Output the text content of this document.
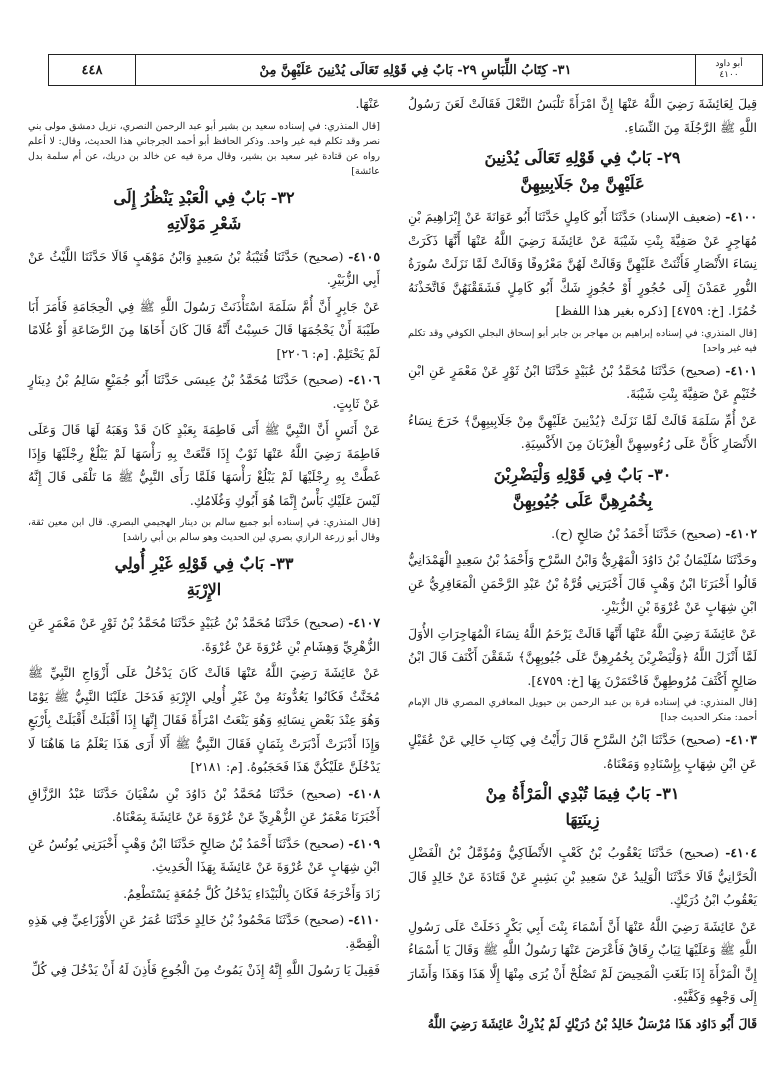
أبو داود
٤١٠٠
٣١- كِتَابُ اللِّبَاسِ ٢٩- بَابٌ فِي قَوْلِهِ تَعَالَى يُدْنِينَ عَلَيْهِنَّ مِنْ
٤٤٨

قِيلَ لِعَائِشَةَ رَضِيَ اللَّهُ عَنْهَا إِنَّ امْرَأَةً تَلْبَسُ النَّعْلَ فَقَالَتْ لَعَنَ رَسُولُ اللَّهِ ﷺ الرَّجُلَةَ مِنَ النِّسَاءِ.

٢٩- بَابٌ فِي قَوْلِهِ تَعَالَى يُدْنِينَ
عَلَيْهِنَّ مِنْ جَلَابِيبِهِنَّ

٤١٠٠- (ضعيف الإسناد) حَدَّثَنَا أَبُو كَامِلٍ حَدَّثَنَا أَبُو عَوَانَةَ عَنْ إِبْرَاهِيمَ بْنِ مُهَاجِرٍ عَنْ صَفِيَّةَ بِنْتِ شَيْبَةَ عَنْ عَائِشَةَ رَضِيَ اللَّهُ عَنْهَا أَنَّهَا ذَكَرَتْ نِسَاءَ الأَنْصَارِ فَأَثْنَتْ عَلَيْهِنَّ وَقَالَتْ لَهُنَّ مَعْرُوفًا وَقَالَتْ لَمَّا نَزَلَتْ سُورَةُ النُّورِ عَمَدْنَ إِلَى حُجُورٍ أَوْ حُجُوزٍ شَكَّ أَبُو كَامِلٍ فَشَقَقْنَهُنَّ فَاتَّخَذْنَهُ خُمُرًا. [خ: ٤٧٥٩] [ذكره بغير هذا اللفظ]

[قال المنذري: في إسناده إبراهيم بن مهاجر بن جابر أبو إسحاق البجلي الكوفي وقد تكلم فيه غير واحد]

٤١٠١- (صحيح) حَدَّثَنَا مُحَمَّدُ بْنُ عُبَيْدٍ حَدَّثَنَا ابْنُ ثَوْرٍ عَنْ مَعْمَرٍ عَنِ ابْنِ خُثَيْمٍ عَنْ صَفِيَّةَ بِنْتِ شَيْبَةَ.

عَنْ أُمِّ سَلَمَةَ قَالَتْ لَمَّا نَزَلَتْ ﴿يُدْنِينَ عَلَيْهِنَّ مِنْ جَلَابِيبِهِنَّ﴾ خَرَجَ نِسَاءُ الأَنْصَارِ كَأَنَّ عَلَى رُءُوسِهِنَّ الْغِرْبَانَ مِنَ الأَكْسِيَةِ.

٣٠- بَابٌ فِي قَوْلِهِ وَلْيَضْرِبْنَ
بِخُمُرِهِنَّ عَلَى جُيُوبِهِنَّ

٤١٠٢- (صحيح) حَدَّثَنَا أَحْمَدُ بْنُ صَالِحٍ (ح).

وحَدَّثَنَا سُلَيْمَانُ بْنُ دَاوُدَ الْمَهْرِيُّ وَابْنُ السَّرْحِ وَأَحْمَدُ بْنُ سَعِيدٍ الْهَمْدَانِيُّ قَالُوا أَخْبَرَنَا ابْنُ وَهْبٍ قَالَ أَخْبَرَنِي قُرَّةُ بْنُ عَبْدِ الرَّحْمَنِ الْمَعَافِرِيُّ عَنِ ابْنِ شِهَابٍ عَنْ عُرْوَةَ بْنِ الزُّبَيْرِ.

عَنْ عَائِشَةَ رَضِيَ اللَّهُ عَنْهَا أَنَّهَا قَالَتْ يَرْحَمُ اللَّهُ نِسَاءَ الْمُهَاجِرَاتِ الأُوَلَ لَمَّا أَنْزَلَ اللَّهُ ﴿وَلْيَضْرِبْنَ بِخُمُرِهِنَّ عَلَى جُيُوبِهِنَّ﴾ شَقَقْنَ أَكْنَفَ قَالَ ابْنُ صَالِحٍ أَكْثَفَ مُرُوطِهِنَّ فَاخْتَمَرْنَ بِهَا [خ: ٤٧٥٩].

[قال المنذري: في إسناده قرة بن عبد الرحمن بن حيويل المعافري المصري قال الإمام أحمد: منكر الحديث جدا]

٤١٠٣- (صحيح) حَدَّثَنَا ابْنُ السَّرْحِ قَالَ رَأَيْتُ فِي كِتَابِ خَالِي عَنْ عُقَيْلٍ عَنِ ابْنِ شِهَابٍ بِإِسْنَادِهِ وَمَعْنَاهُ.

٣١- بَابٌ فِيمَا تُبْدِي الْمَرْأَةُ مِنْ
زِينَتِهَا

٤١٠٤- (صحيح) حَدَّثَنَا يَعْقُوبُ بْنُ كَعْبٍ الأَنْطَاكِيُّ وَمُؤَمَّلُ بْنُ الْفَضْلِ الْحَرَّانِيُّ قَالَا حَدَّثَنَا الْوَلِيدُ عَنْ سَعِيدِ بْنِ بَشِيرٍ عَنْ قَتَادَةَ عَنْ خَالِدٍ قَالَ يَعْقُوبُ ابْنُ دُرَيْكٍ.

عَنْ عَائِشَةَ رَضِيَ اللَّهُ عَنْهَا أَنَّ أَسْمَاءَ بِنْتَ أَبِي بَكْرٍ دَخَلَتْ عَلَى رَسُولِ اللَّهِ ﷺ وَعَلَيْهَا ثِيَابٌ رِقَاقٌ فَأَعْرَضَ عَنْهَا رَسُولُ اللَّهِ ﷺ وَقَالَ يَا أَسْمَاءُ إِنَّ الْمَرْأَةَ إِذَا بَلَغَتِ الْمَحِيضَ لَمْ تَصْلُحْ أَنْ يُرَى مِنْهَا إِلَّا هَذَا وَهَذَا وَأَشَارَ إِلَى وَجْهِهِ وَكَفَّيْهِ.

قَالَ أَبُو دَاوُد هَذَا مُرْسَلٌ خَالِدُ بْنُ دُرَيْكٍ لَمْ يُدْرِكْ عَائِشَةَ رَضِيَ اللَّهُ

عَنْهَا.

[قال المنذري: في إسناده سعيد بن بشير أبو عبد الرحمن النصري، نزيل دمشق مولى بني نصر وقد تكلم فيه غير واحد. وذكر الحافظ أبو أحمد الجرجاني هذا الحديث، وقال: لا أعلم رواه عن قتادة غير سعيد بن بشير، وقال مرة فيه عن خالد بن دريك، عن أم سلمة بدل عائشة]

٣٢- بَابٌ فِي الْعَبْدِ يَنْظُرُ إِلَى
شَعْرِ مَوْلَاتِهِ

٤١٠٥- (صحيح) حَدَّثَنَا قُتَيْبَةُ بْنُ سَعِيدٍ وَابْنُ مَوْهَبٍ قَالَا حَدَّثَنَا اللَّيْثُ عَنْ أَبِي الزُّبَيْرِ.

عَنْ جَابِرٍ أَنَّ أُمَّ سَلَمَةَ اسْتَأْذَنَتْ رَسُولَ اللَّهِ ﷺ فِي الْحِجَامَةِ فَأَمَرَ أَبَا طَيْبَةَ أَنْ يَحْجُمَهَا قَالَ حَسِبْتُ أَنَّهُ قَالَ كَانَ أَخَاهَا مِنَ الرَّضَاعَةِ أَوْ غُلَامًا لَمْ يَحْتَلِمْ. [م: ٢٢٠٦]

٤١٠٦- (صحيح) حَدَّثَنَا مُحَمَّدُ بْنُ عِيسَى حَدَّثَنَا أَبُو جُمَيْعٍ سَالِمُ بْنُ دِينَارٍ عَنْ ثَابِتٍ.

عَنْ أَنَسٍ أَنَّ النَّبِيَّ ﷺ أَتَى فَاطِمَةَ بِعَبْدٍ كَانَ قَدْ وَهَبَهُ لَهَا قَالَ وَعَلَى فَاطِمَةَ رَضِيَ اللَّهُ عَنْهَا ثَوْبٌ إِذَا قَنَّعَتْ بِهِ رَأْسَهَا لَمْ يَبْلُغْ رِجْلَيْهَا وَإِذَا غَطَّتْ بِهِ رِجْلَيْهَا لَمْ يَبْلُغْ رَأْسَهَا فَلَمَّا رَأَى النَّبِيُّ ﷺ مَا تَلْقَى قَالَ إِنَّهُ لَيْسَ عَلَيْكِ بَأْسٌ إِنَّمَا هُوَ أَبُوكِ وَغُلَامُكِ.

[قال المنذري: في إسناده أبو جميع سالم بن دينار الهجيمي البصري. قال ابن معين ثقة، وقال أبو زرعة الرازي بصري لين الحديث وهو سالم بن أبي راشد]

٣٣- بَابٌ فِي قَوْلِهِ غَيْرِ أُولِي
الإِرْبَةِ

٤١٠٧- (صحيح) حَدَّثَنَا مُحَمَّدُ بْنُ عُبَيْدٍ حَدَّثَنَا مُحَمَّدُ بْنُ ثَوْرٍ عَنْ مَعْمَرٍ عَنِ الزُّهْرِيِّ وَهِشَامِ بْنِ عُرْوَةَ عَنْ عُرْوَةَ.

عَنْ عَائِشَةَ رَضِيَ اللَّهُ عَنْهَا قَالَتْ كَانَ يَدْخُلُ عَلَى أَزْوَاجِ النَّبِيِّ ﷺ مُخَنَّثٌ فَكَانُوا يَعُدُّونَهُ مِنْ غَيْرِ أُولِي الإِرْبَةِ فَدَخَلَ عَلَيْنَا النَّبِيُّ ﷺ يَوْمًا وَهُوَ عِنْدَ بَعْضِ نِسَائِهِ وَهُوَ يَنْعَتُ امْرَأَةً فَقَالَ إِنَّهَا إِذَا أَقْبَلَتْ أَقْبَلَتْ بِأَرْبَعٍ وَإِذَا أَدْبَرَتْ أَدْبَرَتْ بِثَمَانٍ فَقَالَ النَّبِيُّ ﷺ أَلَا أَرَى هَذَا يَعْلَمُ مَا هَاهُنَا لَا يَدْخُلَنَّ عَلَيْكُنَّ هَذَا فَحَجَبُوهُ. [م: ٢١٨١]

٤١٠٨- (صحيح) حَدَّثَنَا مُحَمَّدُ بْنُ دَاوُدَ بْنِ سُفْيَانَ حَدَّثَنَا عَبْدُ الرَّزَّاقِ أَخْبَرَنَا مَعْمَرٌ عَنِ الزُّهْرِيِّ عَنْ عُرْوَةَ عَنْ عَائِشَةَ بِمَعْنَاهُ.

٤١٠٩- (صحيح) حَدَّثَنَا أَحْمَدُ بْنُ صَالِحٍ حَدَّثَنَا ابْنُ وَهْبٍ أَخْبَرَنِي يُونُسُ عَنِ ابْنِ شِهَابٍ عَنْ عُرْوَةَ عَنْ عَائِشَةَ بِهَذَا الْحَدِيثِ.

زَادَ وَأَخْرَجَهُ فَكَانَ بِالْبَيْدَاءِ يَدْخُلُ كُلَّ جُمُعَةٍ يَسْتَطْعِمُ.

٤١١٠- (صحيح) حَدَّثَنَا مَحْمُودُ بْنُ خَالِدٍ حَدَّثَنَا عُمَرُ عَنِ الأَوْزَاعِيِّ فِي هَذِهِ الْقِصَّةِ.

فَقِيلَ يَا رَسُولَ اللَّهِ إِنَّهُ إِذَنْ يَمُوتُ مِنَ الْجُوعِ فَأَذِنَ لَهُ أَنْ يَدْخُلَ فِي كُلِّ
